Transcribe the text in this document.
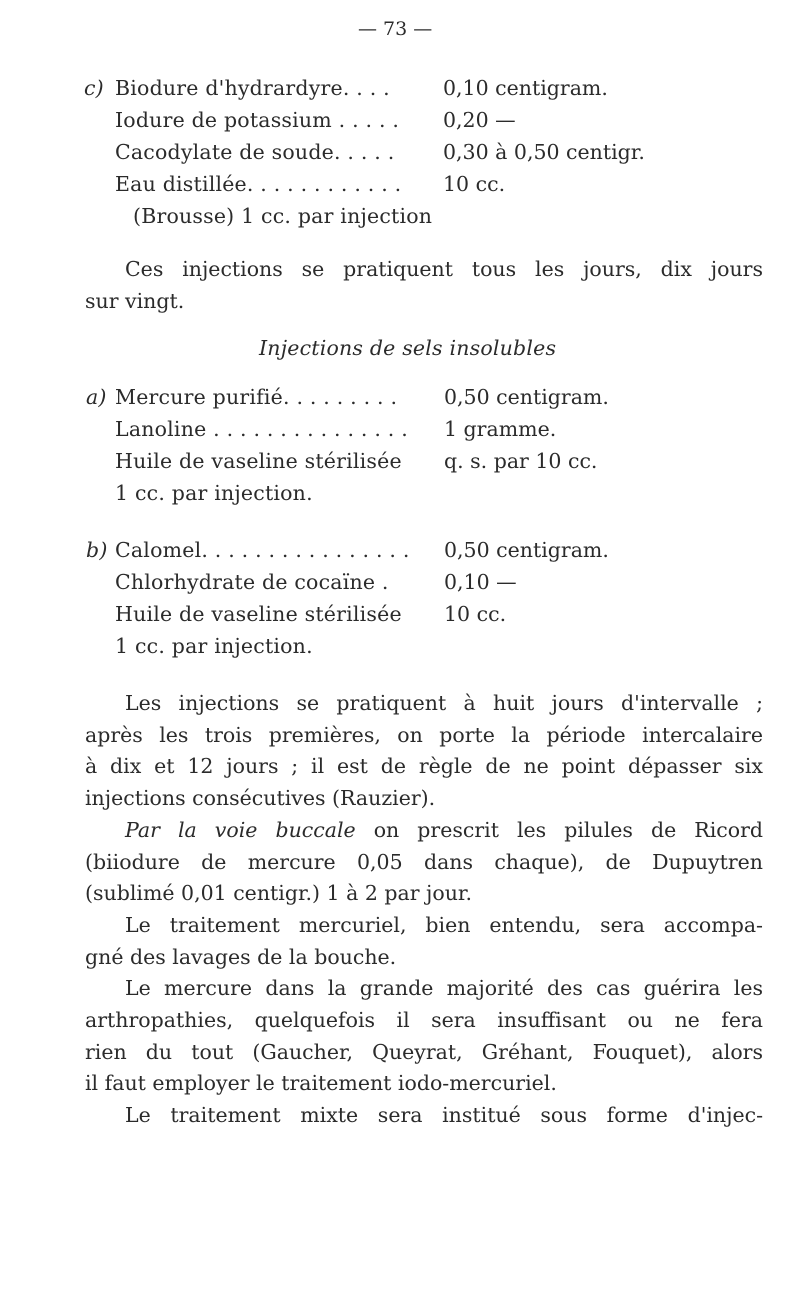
— 73 —
c) Biodure d'hydrardyre. . . .	0,10 centigram.
Iodure de potassium . . . . . 0,20 —
Cacodylate de soude. . . . . 0,30 à 0,50 centigr.
Eau distillée. . . . . . . . . . . . 10 cc.
(Brousse) 1 cc. par injection
Ces injections se pratiquent tous les jours, dix jours
sur vingt.
Injections de sels insolubles
a) Mercure purifié. . . . . . . . . 0,50 centigram.
Lanoline . . . . . . . . . . . . . . . 1 gramme.
Huile de vaseline stérilisée q. s. par 10 cc.
1 cc. par injection.
b) Calomel. . . . . . . . . . . . . . . . 0,50 centigram.
Chlorhydrate de cocaïne .	0,10 —
Huile de vaseline stérilisée 10 cc.
1 cc. par injection.
Les injections se pratiquent à huit jours d'intervalle ;
après les trois premières, on porte la période intercalaire
à dix et 12 jours ; il est de règle de ne point dépasser six
injections consécutives (Rauzier).
Par la voie buccale on prescrit les pilules de Ricord
(biiodure de mercure 0,05 dans chaque), de Dupuytren
(sublimé 0,01 centigr.) 1 à 2 par jour.
Le traitement mercuriel, bien entendu, sera accompa-
gné des lavages de la bouche.
Le mercure dans la grande majorité des cas guérira les
arthropathies, quelquefois il sera insuffisant ou ne fera
rien du tout (Gaucher, Queyrat, Gréhant, Fouquet), alors
il faut employer le traitement iodo-mercuriel.
Le traitement mixte sera institué sous forme d'injec-
